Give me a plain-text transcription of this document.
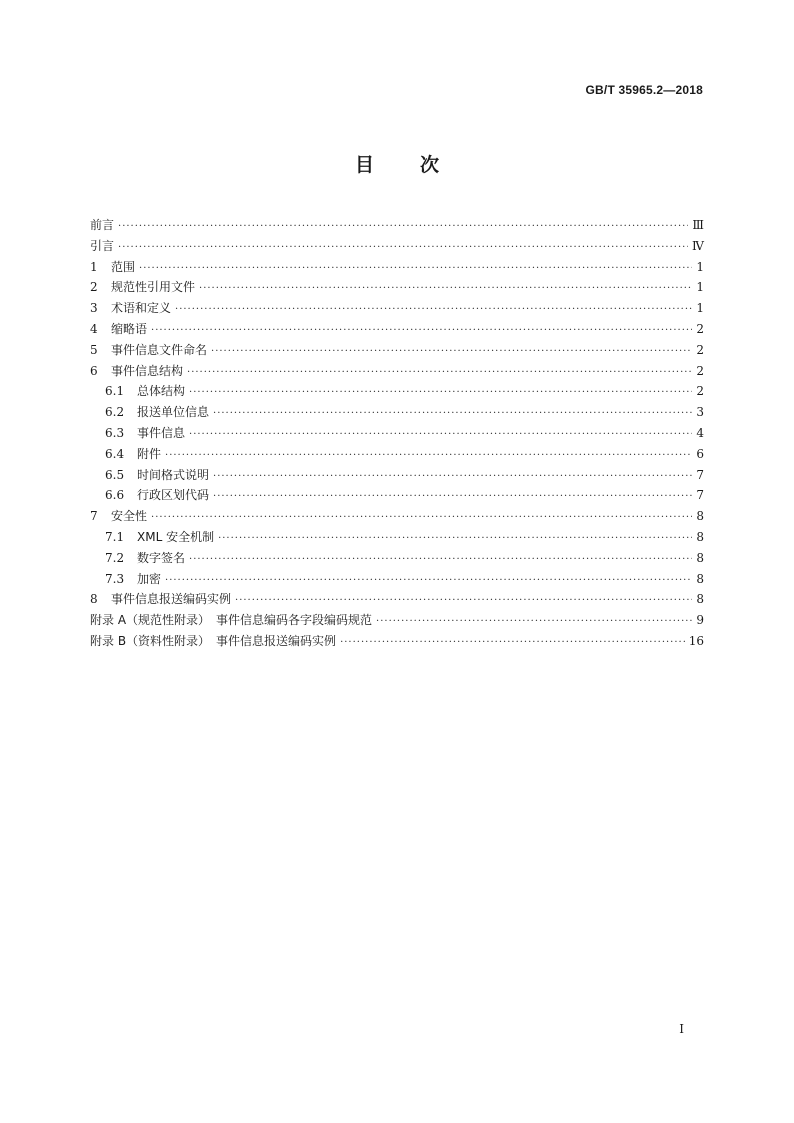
GB/T 35965.2—2018
目 次
前言 ·····	Ⅲ
引言 ·····	Ⅳ
1	范围 ·····	1
2	规范性引用文件 ·····	1
3	术语和定义 ·····	1
4	缩略语 ·····	2
5	事件信息文件命名 ·····	2
6	事件信息结构 ·····	2
6.1	总体结构 ·····	2
6.2	报送单位信息 ·····	3
6.3	事件信息 ·····	4
6.4	附件 ·····	6
6.5	时间格式说明 ·····	7
6.6	行政区划代码 ·····	7
7	安全性 ·····	8
7.1	XML 安全机制 ·····	8
7.2	数字签名 ·····	8
7.3	加密 ·····	8
8	事件信息报送编码实例 ·····	8
附录 A（规范性附录）　事件信息编码各字段编码规范 ·····	9
附录 B（资料性附录）　事件信息报送编码实例 ·····	16
Ⅰ
